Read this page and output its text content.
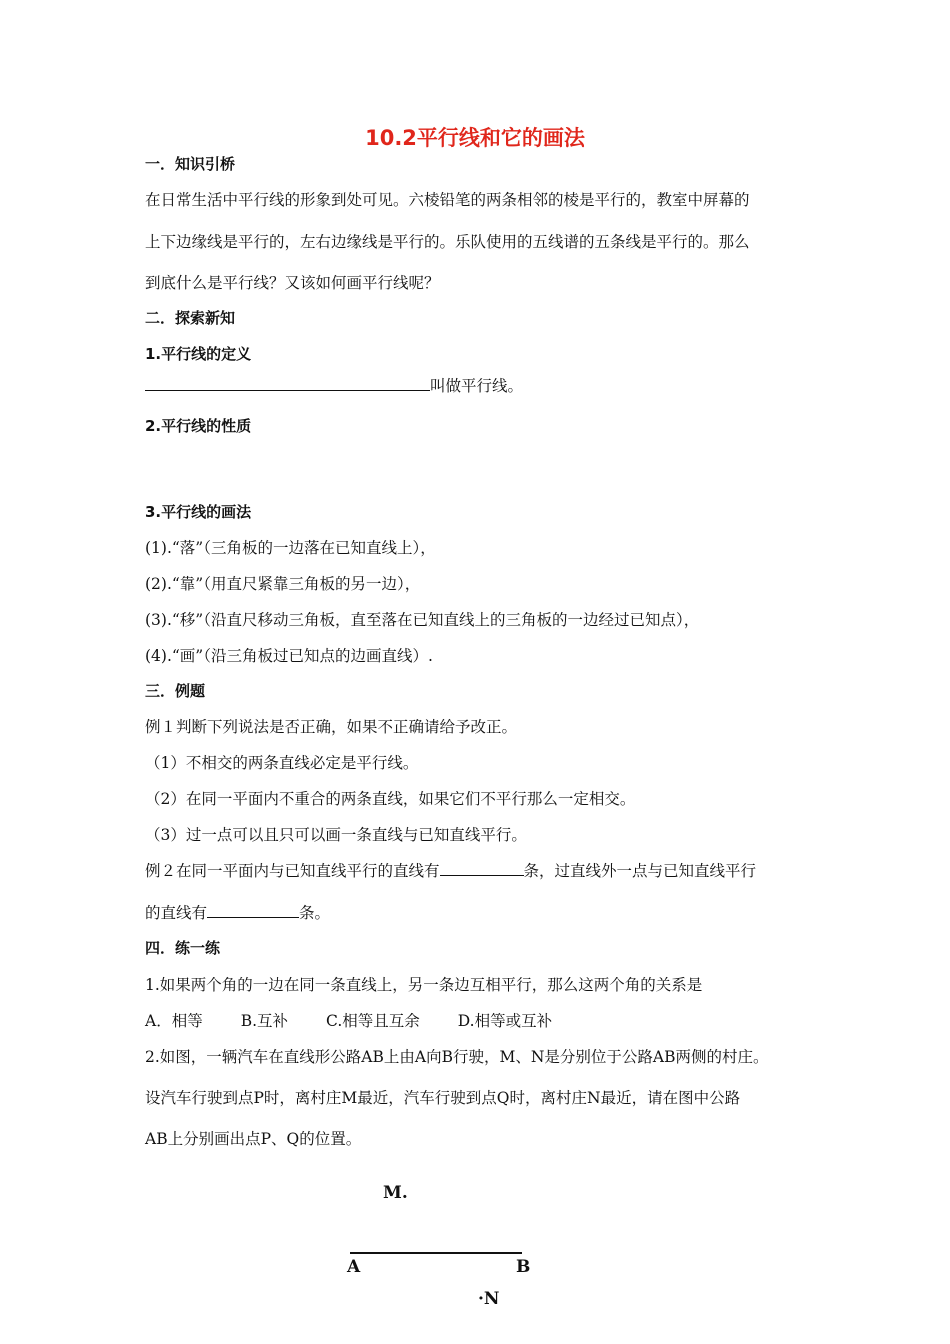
10.2平行线和它的画法
一．知识引桥
在日常生活中平行线的形象到处可见。六棱铅笔的两条相邻的棱是平行的，教室中屏幕的
上下边缘线是平行的，左右边缘线是平行的。乐队使用的五线谱的五条线是平行的。那么
到底什么是平行线？又该如何画平行线呢？
二．探索新知
1.平行线的定义
叫做平行线。
2.平行线的性质
3.平行线的画法
(1).“落”（三角板的一边落在已知直线上），
(2).“靠”（用直尺紧靠三角板的另一边），
(3).“移”（沿直尺移动三角板，直至落在已知直线上的三角板的一边经过已知点），
(4).“画”（沿三角板过已知点的边画直线）.
三．例题
例１判断下列说法是否正确，如果不正确请给予改正。
（1）不相交的两条直线必定是平行线。
（2）在同一平面内不重合的两条直线，如果它们不平行那么一定相交。
（3）过一点可以且只可以画一条直线与已知直线平行。
例２在同一平面内与已知直线平行的直线有	条，过直线外一点与已知直线平行
的直线有	条。
四．练一练
1.如果两个角的一边在同一条直线上，另一条边互相平行，那么这两个角的关系是
A．相等 B.互补 C.相等且互余 D.相等或互补
2.如图，一辆汽车在直线形公路AB上由A向B行驶，M、N是分别位于公路AB两侧的村庄。
设汽车行驶到点P时，离村庄M最近，汽车行驶到点Q时，离村庄N最近，请在图中公路
AB上分别画出点P、Q的位置。
M.
A	B
·N
